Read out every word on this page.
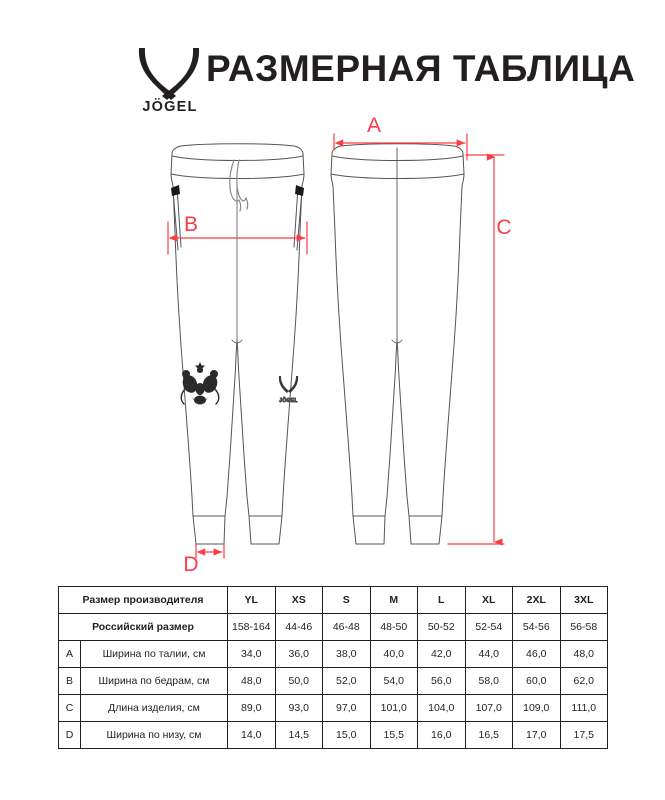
JÖGEL
РАЗМЕРНАЯ ТАБЛИЦА
JÖGEL
A
B	C
D
Размер производителя		YL	XS	S	M	L	XL	2XL	3XL
Российский размер		158-164	44-46	46-48	48-50	50-52	52-54	54-56	56-58
A	Ширина по талии, см	34,0	36,0	38,0	40,0	42,0	44,0	46,0	48,0
B	Ширина по бедрам, см	48,0	50,0	52,0	54,0	56,0	58,0	60,0	62,0
C	Длина изделия, см	89,0	93,0	97,0	101,0	104,0	107,0	109,0	111,0
D	Ширина по низу, см	14,0	14,5	15,0	15,5	16,0	16,5	17,0	17,5
